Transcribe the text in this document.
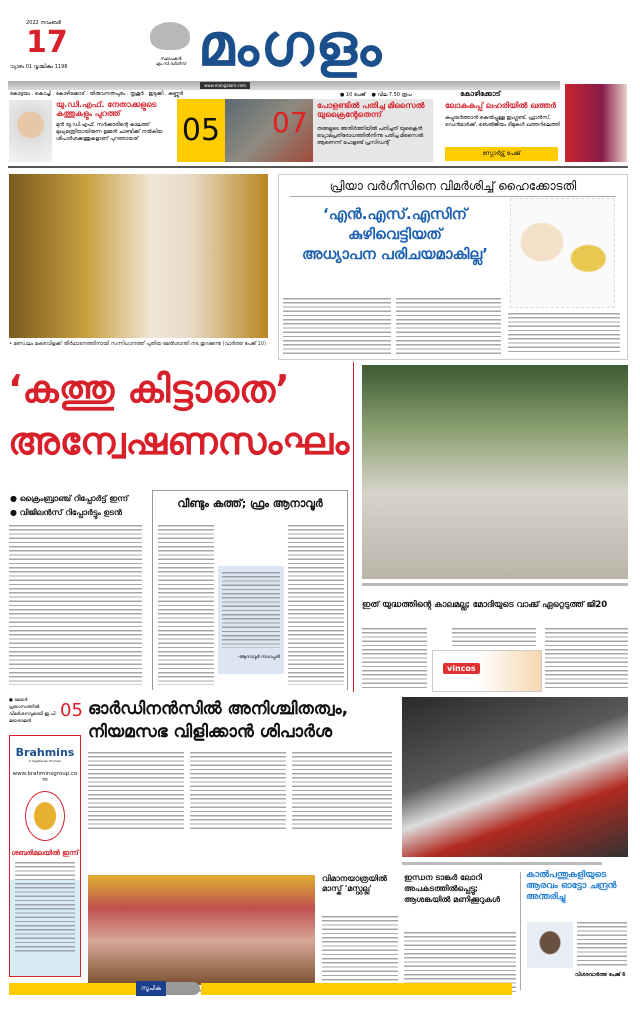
2022 നവംബർ
17
വ്യാഴം 01 വൃശ്ചികം 1198
സ്ഥാപകൻ എം.സി.വർഗീസ് മംഗളം
www.mangalam.com
കോട്ടയം . കൊച്ചി . കോഴിക്കോട് . തിരുവനന്തപുരം . തൃശൂർ . ഇടുക്കി . കണ്ണൂർ	● 10 പേജ് ● വില 7.50 രൂപ	കോഴിക്കോട്
യു.ഡി.എഫ്. നേതാക്കളുടെ കത്തുകളും പുറത്ത്
മുൻ യു.ഡി.എഫ്. സർക്കാരിന്റെ കാലത്ത് മുഖ്യമന്ത്രിയായിരുന്ന ഉമ്മൻ ചാണ്ടിക്ക് നൽകിയ ശിപാർശക്കത്തുകളാണ് പുറത്തായത്	05 07
പോളണ്ടിൽ പതിച്ച മിസൈൽ യുക്രൈന്റേതെന്ന്
തങ്ങളുടെ അതിർത്തിയിൽ പതിച്ചത് യുക്രൈൻ വ്യോമപ്രതിരോധത്തിൽനിന്നു പതിച്ച മിസൈൽ ആണെന്ന് പോളണ്ട് പ്രസിഡന്റ്
ലോകകപ്പ് ലഹരിയിൽ ഖത്തർ
കപ്പുയർത്താൻ കെൽപ്പുള്ള ഇംഗ്ലണ്ട്, ഫ്രാൻസ്, ഡെൻമാർക്ക്, ബെൽജിയം ടീമുകൾ ഖത്തറിലെത്തി
സ്പോർട്സ് പേജ്
• മണ്ഡലം മകരവിളക്ക് തീർഥാടനത്തിനായി സന്നിധാനത്ത് പുതിയ മേൽശാന്തി നട തുറക്കുന്നു (വാർത്ത പേജ് 10)
പ്രിയാ വർഗീസിനെ വിമർശിച്ച് ഹൈക്കോടതി
‘എൻ.എസ്.എസിന്
കുഴിവെട്ടിയത്
അധ്യാപന പരിചയമാകില്ല’
‘കത്തു കിട്ടാതെ’
അന്വേഷണസംഘം
● ക്രൈംബ്രാഞ്ച് റിപ്പോർട്ട് ഇന്ന്
● വിജിലൻസ് റിപ്പോർട്ടും ഉടൻ
വീണ്ടും കത്ത്; ഫ്രം ആനാവൂർ
-ആനാവൂർ നാഗപ്പൻ
ഇത് യുദ്ധത്തിന്റെ കാലമല്ല; മോദിയുടെ വാക്ക് ഏറ്റെടുത്ത് ജി20
vincos
● മേയർ പ്രയാസത്തിൽ വിമർശനവുമായി ഇ.പി. ജയരാജൻ
05 ഓർഡിനൻസിൽ അനിശ്ചിതത്വം,
നിയമസഭ വിളിക്കാൻ ശിപാർശ
Brahmins
A Vegetarian Promise
www.brahminsgroup.com
ശബരിമലയിൽ ഇന്ന്
വിമാനയാത്രയിൽ മാസ്ക് 'മസ്റ്റല്ല'
ഇന്ധന ടാങ്കർ ലോറി അപകടത്തിൽപ്പെട്ടു; ആശങ്കയിൽ മണിക്കൂറുകൾ
കാൽപന്തുകളിയുടെ ആരവം ഓട്ടോ ചന്ദ്രൻ അന്തരിച്ചു
വിശദവാർത്ത പേജ് 6
സൂചിക
